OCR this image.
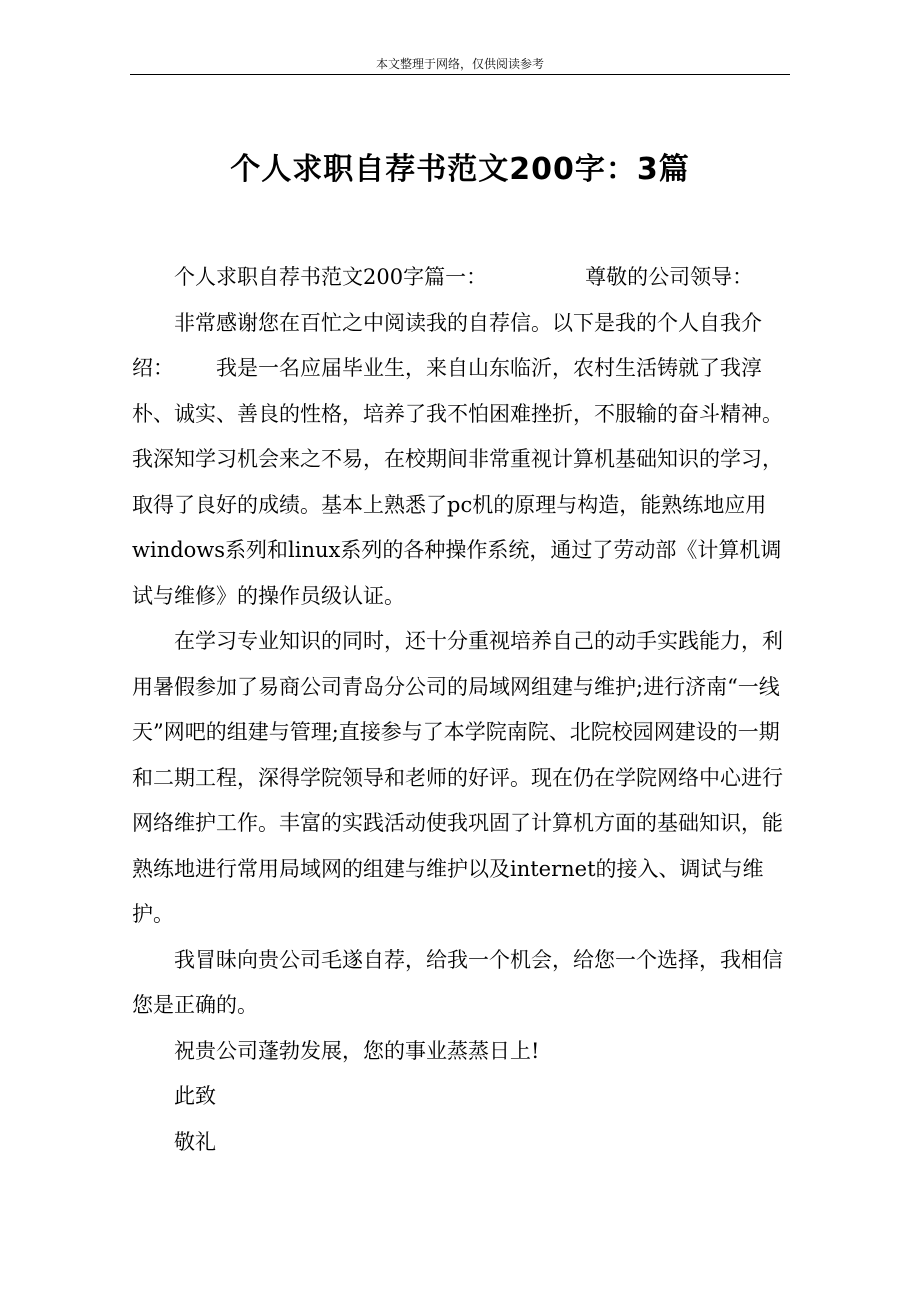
本文整理于网络，仅供阅读参考
个人求职自荐书范文200字：3篇

个人求职自荐书范文200字篇一：	尊敬的公司领导：

非常感谢您在百忙之中阅读我的自荐信。以下是我的个人自我介绍： 我是一名应届毕业生，来自山东临沂，农村生活铸就了我淳朴、诚实、善良的性格，培养了我不怕困难挫折，不服输的奋斗精神。我深知学习机会来之不易，在校期间非常重视计算机基础知识的学习，取得了良好的成绩。基本上熟悉了pc机的原理与构造，能熟练地应用windows系列和linux系列的各种操作系统，通过了劳动部《计算机调试与维修》的操作员级认证。

在学习专业知识的同时，还十分重视培养自己的动手实践能力，利用暑假参加了易商公司青岛分公司的局域网组建与维护;进行济南“一线天”网吧的组建与管理;直接参与了本学院南院、北院校园网建设的一期和二期工程，深得学院领导和老师的好评。现在仍在学院网络中心进行网络维护工作。丰富的实践活动使我巩固了计算机方面的基础知识，能熟练地进行常用局域网的组建与维护以及internet的接入、调试与维护。

我冒昧向贵公司毛遂自荐，给我一个机会，给您一个选择，我相信您是正确的。

祝贵公司蓬勃发展，您的事业蒸蒸日上!

此致

敬礼
